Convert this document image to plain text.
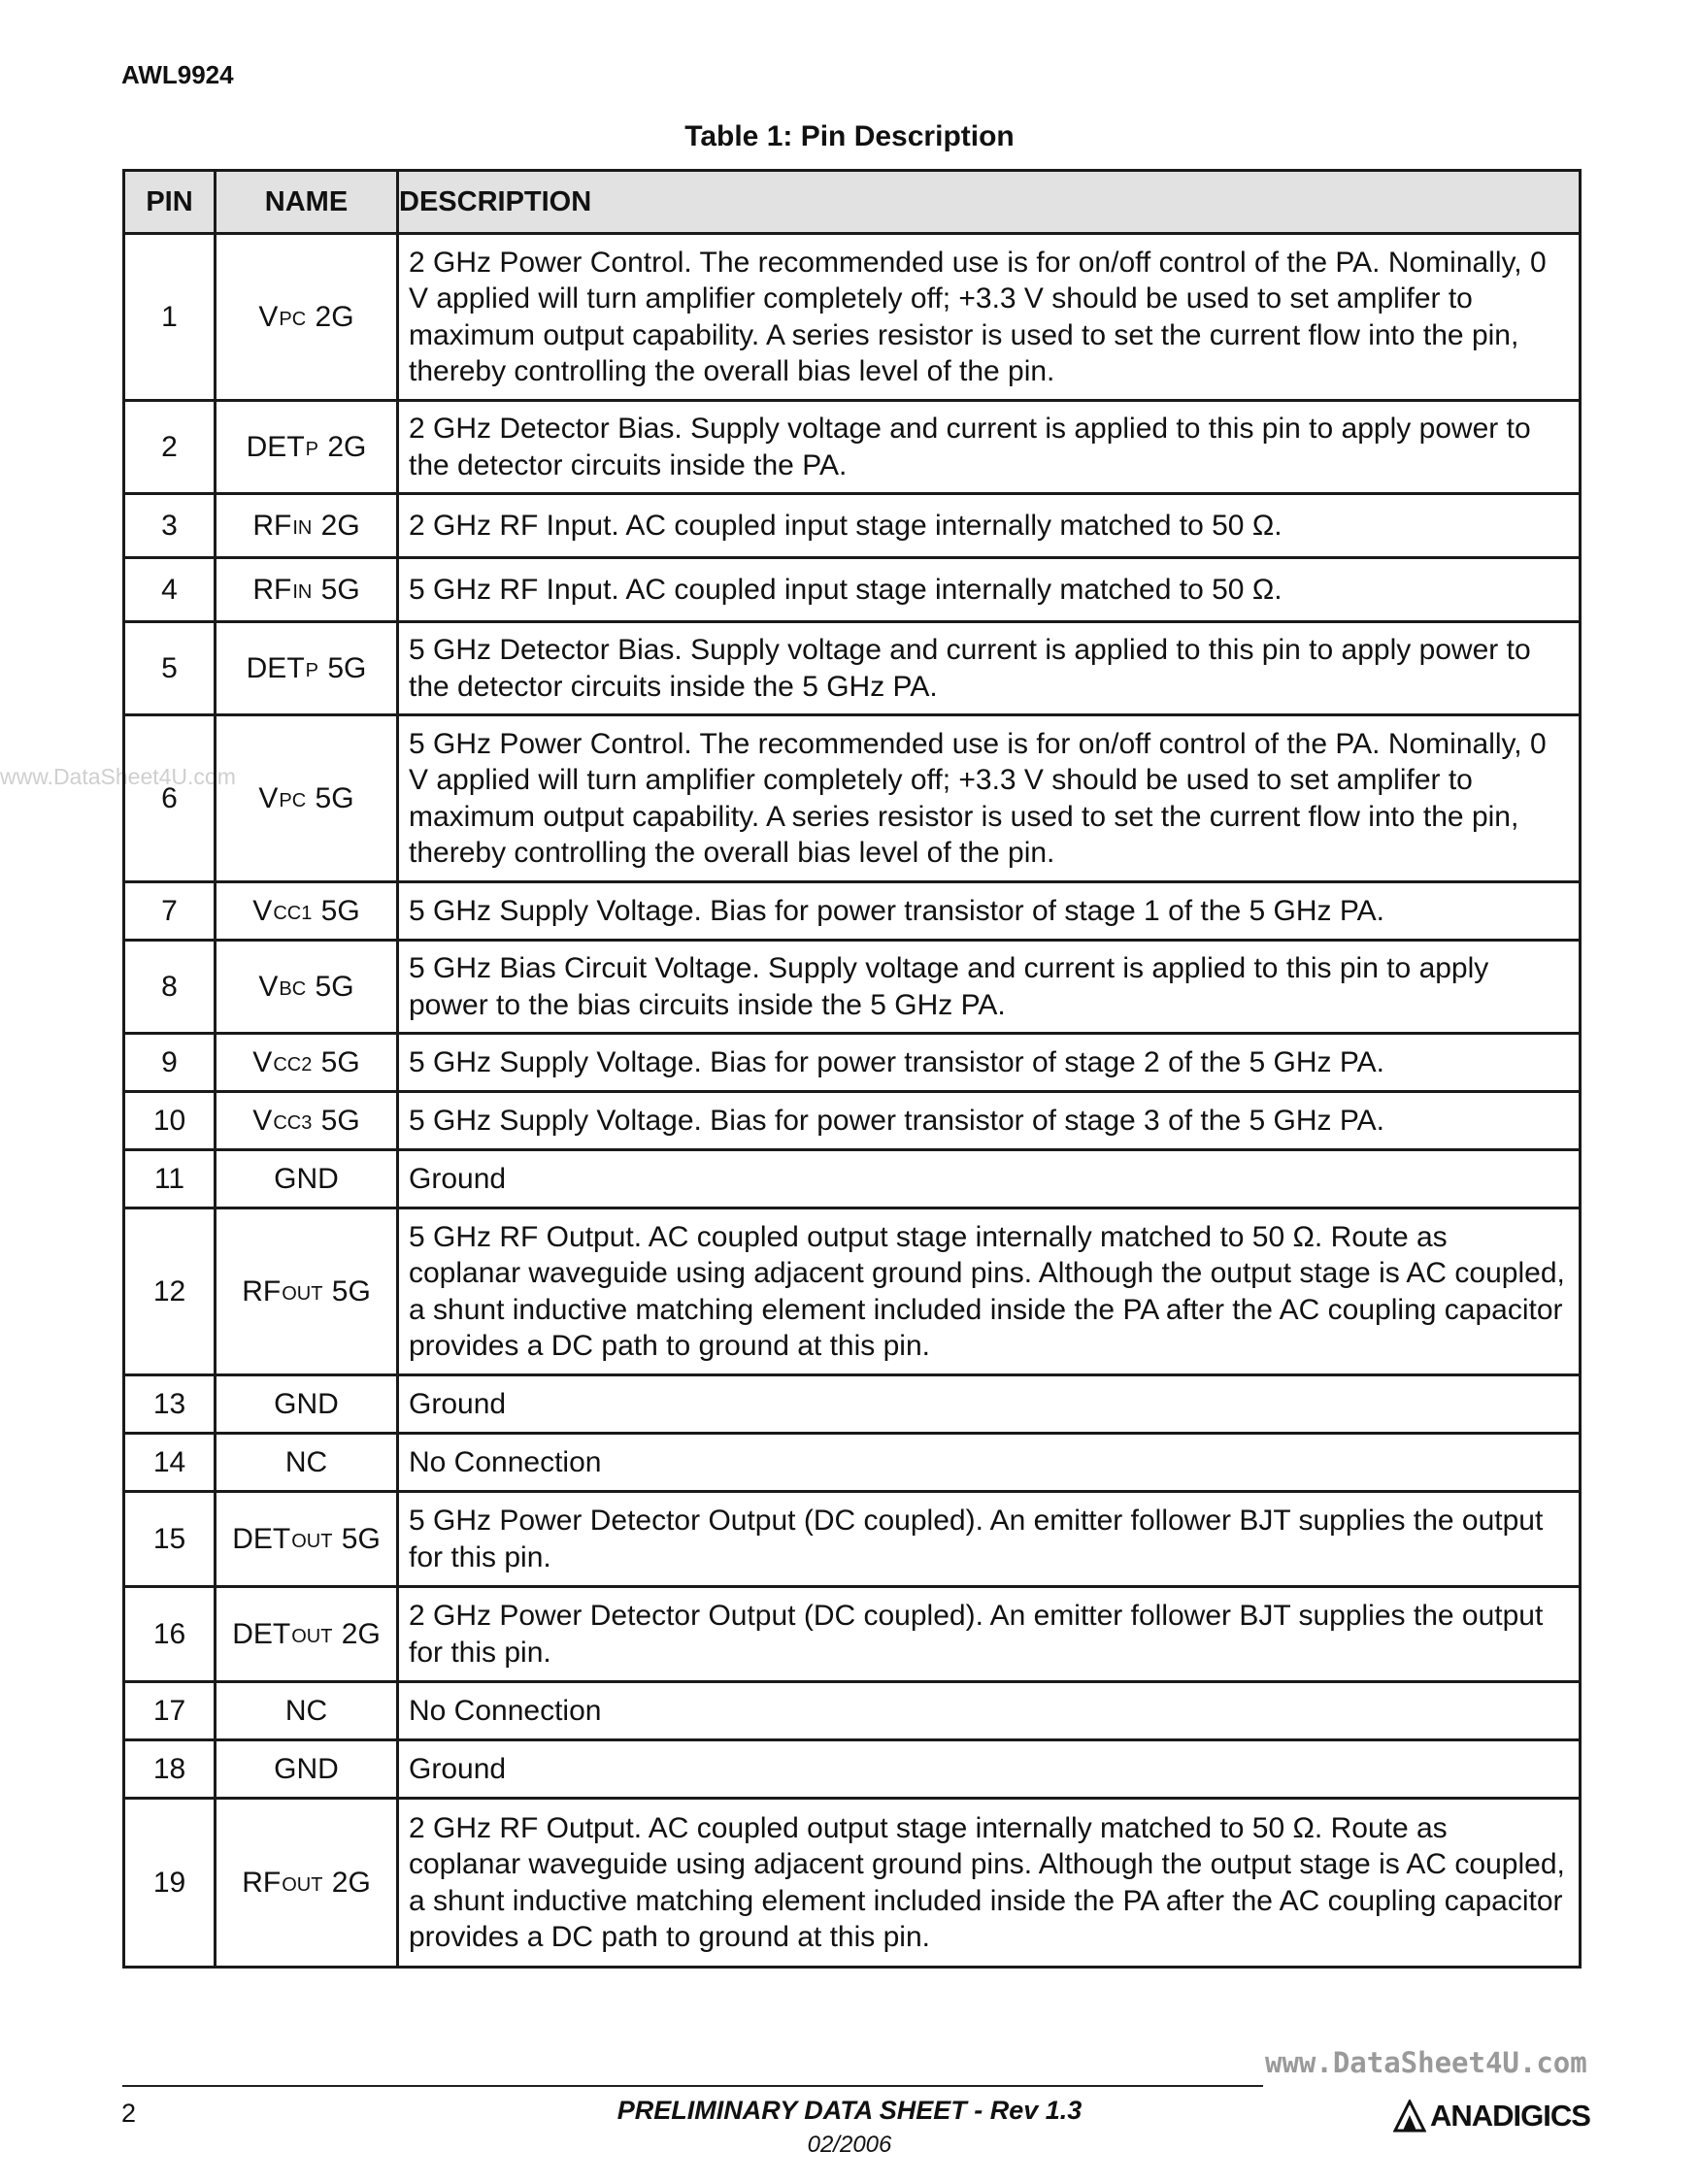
AWL9924
Table 1: Pin Description
www.DataSheet4U.com
PIN	NAME	DESCRIPTION
1	$V_{PC}$ 2G	2 GHz Power Control. The recommended use is for on/off control of the PA. Nominally, 0 V applied will turn amplifier completely off; +3.3 V should be used to set amplifer to maximum output capability. A series resistor is used to set the current flow into the pin, thereby controlling the overall bias level of the pin.
2	$DET_P$ 2G	2 GHz Detector Bias. Supply voltage and current is applied to this pin to apply power to the detector circuits inside the PA.
3	$RF_{IN}$ 2G	2 GHz RF Input. AC coupled input stage internally matched to 50 Ω.
4	$RF_{IN}$ 5G	5 GHz RF Input. AC coupled input stage internally matched to 50 Ω.
5	$DET_P$ 5G	5 GHz Detector Bias. Supply voltage and current is applied to this pin to apply power to the detector circuits inside the 5 GHz PA.
6	$V_{PC}$ 5G	5 GHz Power Control. The recommended use is for on/off control of the PA. Nominally, 0 V applied will turn amplifier completely off; +3.3 V should be used to set amplifer to maximum output capability. A series resistor is used to set the current flow into the pin, thereby controlling the overall bias level of the pin.
7	$V_{CC1}$ 5G	5 GHz Supply Voltage. Bias for power transistor of stage 1 of the 5 GHz PA.
8	$V_{BC}$ 5G	5 GHz Bias Circuit Voltage. Supply voltage and current is applied to this pin to apply power to the bias circuits inside the 5 GHz PA.
9	$V_{CC2}$ 5G	5 GHz Supply Voltage. Bias for power transistor of stage 2 of the 5 GHz PA.
10	$V_{CC3}$ 5G	5 GHz Supply Voltage. Bias for power transistor of stage 3 of the 5 GHz PA.
11	GND	Ground
12	$RF_{OUT}$ 5G	5 GHz RF Output. AC coupled output stage internally matched to 50 Ω. Route as coplanar waveguide using adjacent ground pins. Although the output stage is AC coupled, a shunt inductive matching element included inside the PA after the AC coupling capacitor provides a DC path to ground at this pin.
13	GND	Ground
14	NC	No Connection
15	$DET_{OUT}$ 5G	5 GHz Power Detector Output (DC coupled). An emitter follower BJT supplies the output for this pin.
16	$DET_{OUT}$ 2G	2 GHz Power Detector Output (DC coupled). An emitter follower BJT supplies the output for this pin.
17	NC	No Connection
18	GND	Ground
19	$RF_{OUT}$ 2G	2 GHz RF Output. AC coupled output stage internally matched to 50 Ω. Route as coplanar waveguide using adjacent ground pins. Although the output stage is AC coupled, a shunt inductive matching element included inside the PA after the AC coupling capacitor provides a DC path to ground at this pin.
www.DataSheet4U.com
2	PRELIMINARY DATA SHEET - Rev 1.3
02/2006
ANADIGICS
